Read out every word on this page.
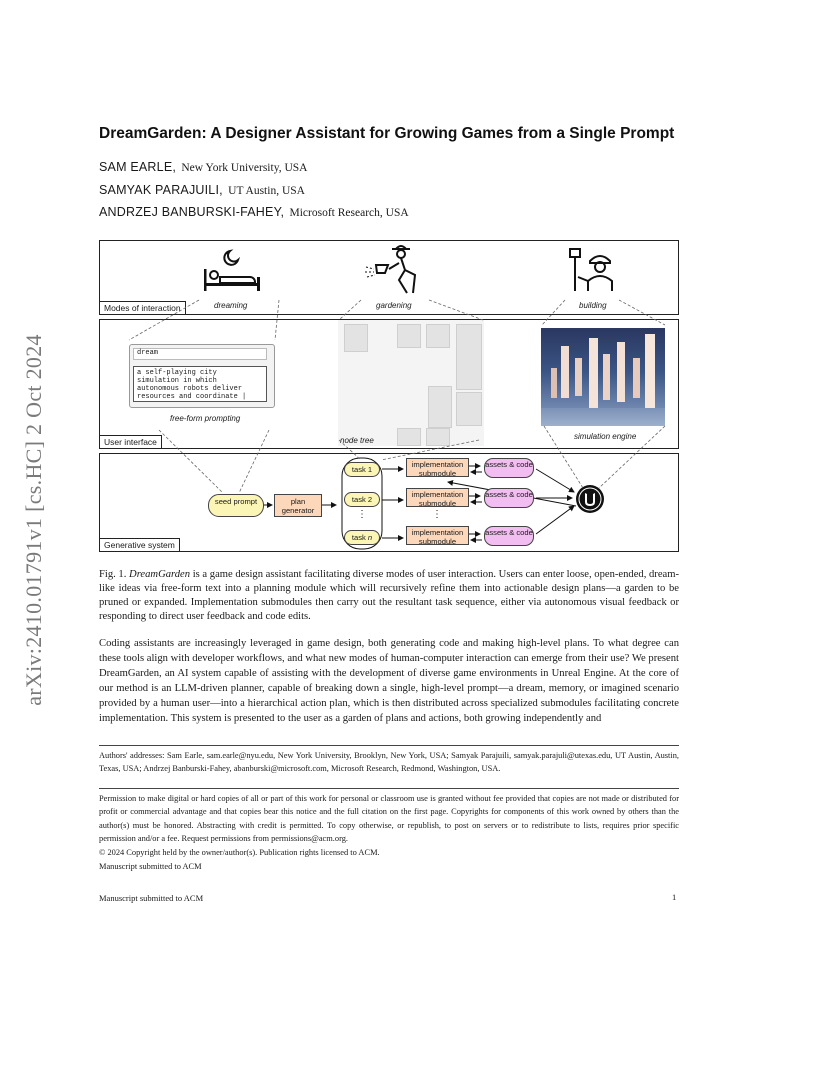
arXiv:2410.01791v1 [cs.HC] 2 Oct 2024
DreamGarden: A Designer Assistant for Growing Games from a Single Prompt
SAM EARLE, New York University, USA
SAMYAK PARAJUILI, UT Austin, USA
ANDRZEJ BANBURSKI-FAHEY, Microsoft Research, USA
dreaming	gardening	building
Modes of interaction
dream
a self-playing city simulation in which autonomous robots deliver resources and coordinate |
free-form prompting
node tree	simulation engine
User interface
seed prompt	plan generator
task 1
task 2
⋮
task n
implementation submodule
implementation submodule
⋮
implementation submodule
assets & code
assets & code
assets & code
Generative system
Fig. 1. DreamGarden is a game design assistant facilitating diverse modes of user interaction. Users can enter loose, open-ended, dream-like ideas via free-form text into a planning module which will recursively refine them into actionable design plans—a garden to be pruned or expanded. Implementation submodules then carry out the resultant task sequence, either via autonomous visual feedback or responding to direct user feedback and code edits.
Coding assistants are increasingly leveraged in game design, both generating code and making high-level plans. To what degree can these tools align with developer workflows, and what new modes of human-computer interaction can emerge from their use? We present DreamGarden, an AI system capable of assisting with the development of diverse game environments in Unreal Engine. At the core of our method is an LLM-driven planner, capable of breaking down a single, high-level prompt—a dream, memory, or imagined scenario provided by a human user—into a hierarchical action plan, which is then distributed across specialized submodules facilitating concrete implementation. This system is presented to the user as a garden of plans and actions, both growing independently and
Authors' addresses: Sam Earle, sam.earle@nyu.edu, New York University, Brooklyn, New York, USA; Samyak Parajuili, samyak.parajuli@utexas.edu, UT Austin, Austin, Texas, USA; Andrzej Banburski-Fahey, abanburski@microsoft.com, Microsoft Research, Redmond, Washington, USA.
Permission to make digital or hard copies of all or part of this work for personal or classroom use is granted without fee provided that copies are not made or distributed for profit or commercial advantage and that copies bear this notice and the full citation on the first page. Copyrights for components of this work owned by others than the author(s) must be honored. Abstracting with credit is permitted. To copy otherwise, or republish, to post on servers or to redistribute to lists, requires prior specific permission and/or a fee. Request permissions from permissions@acm.org.
© 2024 Copyright held by the owner/author(s). Publication rights licensed to ACM.
Manuscript submitted to ACM
Manuscript submitted to ACM	1
